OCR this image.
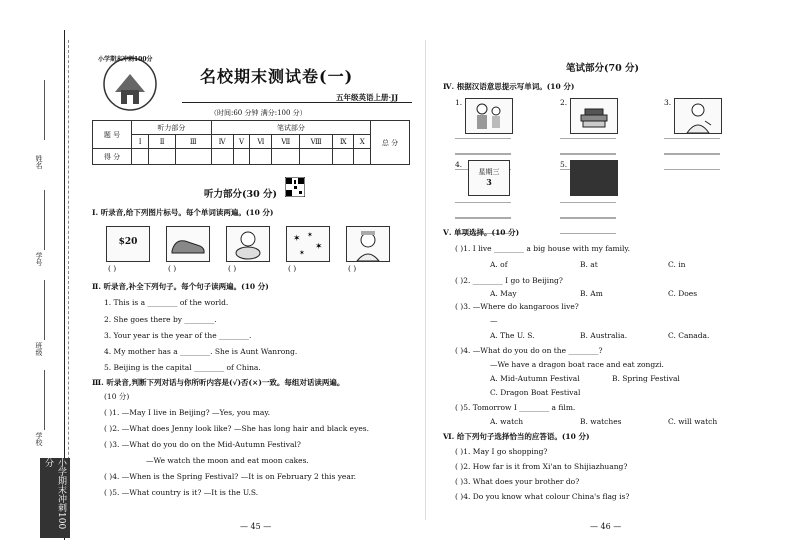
姓名
学号
班级
学校
小学期末冲刺100分
小学期末冲刺100分
名校期末测试卷(一)
五年级英语上册·JJ
（时间:60 分钟 满分:100 分）
题 号	听力部分			笔试部分							总 分
	Ⅰ	Ⅱ	Ⅲ	Ⅳ	Ⅴ	Ⅵ	Ⅶ	Ⅷ	Ⅸ	Ⅹ	
得 分											
听力部分(30 分)
Ⅰ. 听录音,给下列图片标号。每个单词读两遍。(10 分)
$20	✶ ✶
✶
✶
( )	( )	( )	( )	( )
Ⅱ. 听录音,补全下列句子。每个句子读两遍。(10 分)
1. This is a ________ of the world.
2. She goes there by ________.
3. Your year is the year of the ________.
4. My mother has a ________. She is Aunt Wanrong.
5. Beijing is the capital ________ of China.
Ⅲ. 听录音,判断下列对话与你所听内容是(√)否(×)一致。每组对话读两遍。
(10 分)
( )1. —May I live in Beijing? —Yes, you may.
( )2. —What does Jenny look like? —She has long hair and black eyes.
( )3. —What do you do on the Mid-Autumn Festival?
—We watch the moon and eat moon cakes.
( )4. —When is the Spring Festival? —It is on February 2 this year.
( )5. —What country is it? —It is the U.S.
— 45 —
笔试部分(70 分)
Ⅳ. 根据汉语意思提示写单词。(10 分)
1.	2.	3.
4.
星期三
3
5.
Ⅴ. 单项选择。(10 分)
( )1. I live ________ a big house with my family.
A. of	B. at	C. in
( )2. ________ I go to Beijing?
A. May	B. Am	C. Does
( )3. —Where do kangaroos live?
—
A. The U. S.	B. Australia.	C. Canada.
( )4. —What do you do on the ________?
—We have a dragon boat race and eat zongzi.
A. Mid-Autumn Festival	B. Spring Festival
C. Dragon Boat Festival
( )5. Tomorrow I ________ a film.
A. watch	B. watches	C. will watch
Ⅵ. 给下列句子选择恰当的应答语。(10 分)
( )1. May I go shopping?
( )2. How far is it from Xi'an to Shijiazhuang?
( )3. What does your brother do?
( )4. Do you know what colour China's flag is?
— 46 —
